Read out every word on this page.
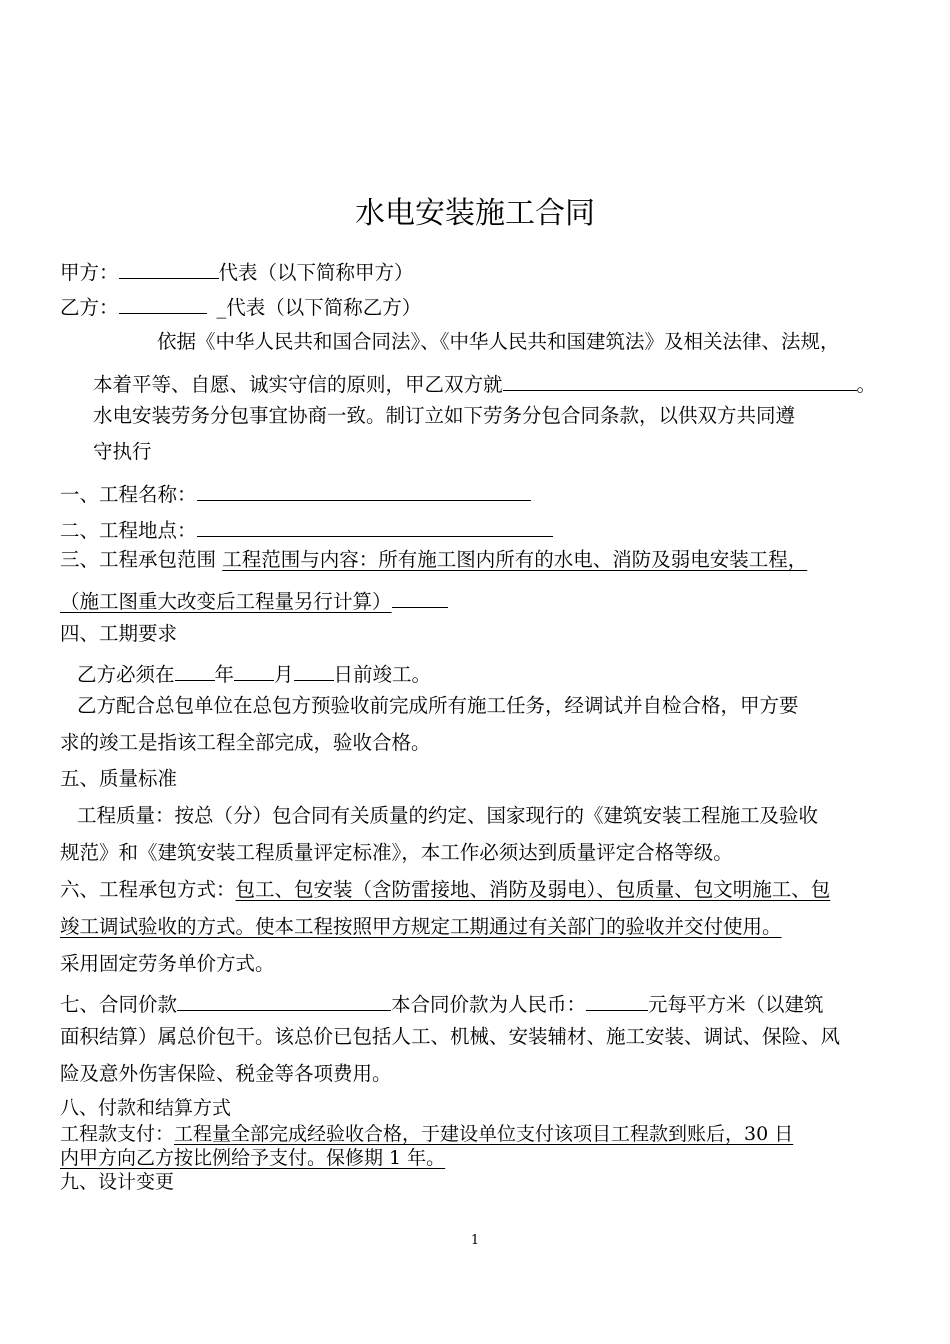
水电安装施工合同
甲方：	代表（以下简称甲方）
乙方：	_代表（以下简称乙方）
依据《中华人民共和国合同法》、《中华人民共和国建筑法》及相关法律、法规，
本着平等、自愿、诚实守信的原则，甲乙双方就	。
水电安装劳务分包事宜协商一致。制订立如下劳务分包合同条款，以供双方共同遵
守执行
一、工程名称：
二、工程地点：
三、工程承包范围 工程范围与内容：所有施工图内所有的水电、消防及弱电安装工程，
（施工图重大改变后工程量另行计算）
四、工期要求
乙方必须在 年 月 日前竣工。
乙方配合总包单位在总包方预验收前完成所有施工任务，经调试并自检合格，甲方要
求的竣工是指该工程全部完成，验收合格。
五、质量标准
工程质量：按总（分）包合同有关质量的约定、国家现行的《建筑安装工程施工及验收
规范》和《建筑安装工程质量评定标准》，本工作必须达到质量评定合格等级。
六、工程承包方式：包工、包安装（含防雷接地、消防及弱电）、包质量、包文明施工、包
竣工调试验收的方式。使本工程按照甲方规定工期通过有关部门的验收并交付使用。
采用固定劳务单价方式。
七、合同价款	本合同价款为人民币：	元每平方米（以建筑
面积结算）属总价包干。该总价已包括人工、机械、安装辅材、施工安装、调试、保险、风
险及意外伤害保险、税金等各项费用。
八、付款和结算方式
工程款支付：工程量全部完成经验收合格，于建设单位支付该项目工程款到账后，30 日
内甲方向乙方按比例给予支付。保修期 1 年。
九、设计变更
1
